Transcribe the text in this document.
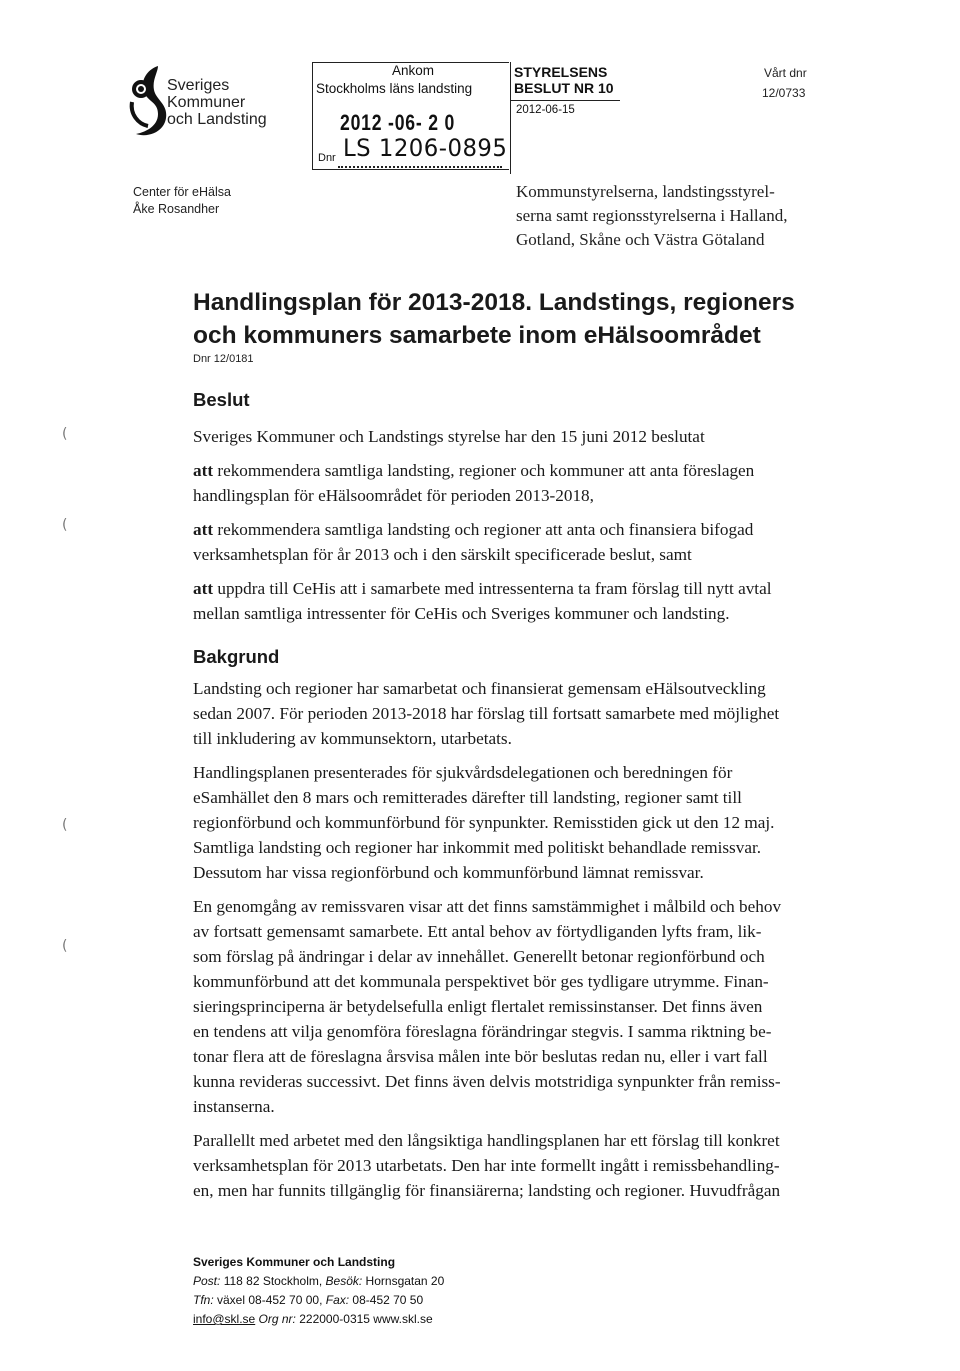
Sveriges
Kommuner
och Landsting
Center för eHälsa
Åke Rosandher
Ankom
Stockholms läns landsting
2012 -06- 2 0
Dnr LS 1206-0895
STYRELSENS
BESLUT NR 10
2012-06-15
Vårt dnr
12/0733
Kommunstyrelserna, landstingsstyrel-
serna samt regionsstyrelserna i Halland,
Gotland, Skåne och Västra Götaland
Handlingsplan för 2013-2018. Landstings, regioners
och kommuners samarbete inom eHälsoområdet
Dnr 12/0181
Beslut

Sveriges Kommuner och Landstings styrelse har den 15 juni 2012 beslutat

att rekommendera samtliga landsting, regioner och kommuner att anta föreslagen
handlingsplan för eHälsoområdet för perioden 2013-2018,

att rekommendera samtliga landsting och regioner att anta och finansiera bifogad
verksamhetsplan för år 2013 och i den särskilt specificerade beslut, samt

att uppdra till CeHis att i samarbete med intressenterna ta fram förslag till nytt avtal
mellan samtliga intressenter för CeHis och Sveriges kommuner och landsting.

Bakgrund

Landsting och regioner har samarbetat och finansierat gemensam eHälsoutveckling
sedan 2007. För perioden 2013-2018 har förslag till fortsatt samarbete med möjlighet
till inkludering av kommunsektorn, utarbetats.

Handlingsplanen presenterades för sjukvårdsdelegationen och beredningen för
eSamhället den 8 mars och remitterades därefter till landsting, regioner samt till
regionförbund och kommunförbund för synpunkter. Remisstiden gick ut den 12 maj.
Samtliga landsting och regioner har inkommit med politiskt behandlade remissvar.
Dessutom har vissa regionförbund och kommunförbund lämnat remissvar.

En genomgång av remissvaren visar att det finns samstämmighet i målbild och behov
av fortsatt gemensamt samarbete. Ett antal behov av förtydliganden lyfts fram, lik-
som förslag på ändringar i delar av innehållet. Generellt betonar regionförbund och
kommunförbund att det kommunala perspektivet bör ges tydligare utrymme. Finan-
sieringsprinciperna är betydelsefulla enligt flertalet remissinstanser. Det finns även
en tendens att vilja genomföra föreslagna förändringar stegvis. I samma riktning be-
tonar flera att de föreslagna årsvisa målen inte bör beslutas redan nu, eller i vart fall
kunna revideras successivt. Det finns även delvis motstridiga synpunkter från remiss-
instanserna.

Parallellt med arbetet med den långsiktiga handlingsplanen har ett förslag till konkret
verksamhetsplan för 2013 utarbetats. Den har inte formellt ingått i remissbehandling-
en, men har funnits tillgänglig för finansiärerna; landsting och regioner. Huvudfrågan

(
(
(
(
Sveriges Kommuner och Landsting
Post: 118 82 Stockholm, Besök: Hornsgatan 20
Tfn: växel 08-452 70 00, Fax: 08-452 70 50
info@skl.se Org nr: 222000-0315 www.skl.se
